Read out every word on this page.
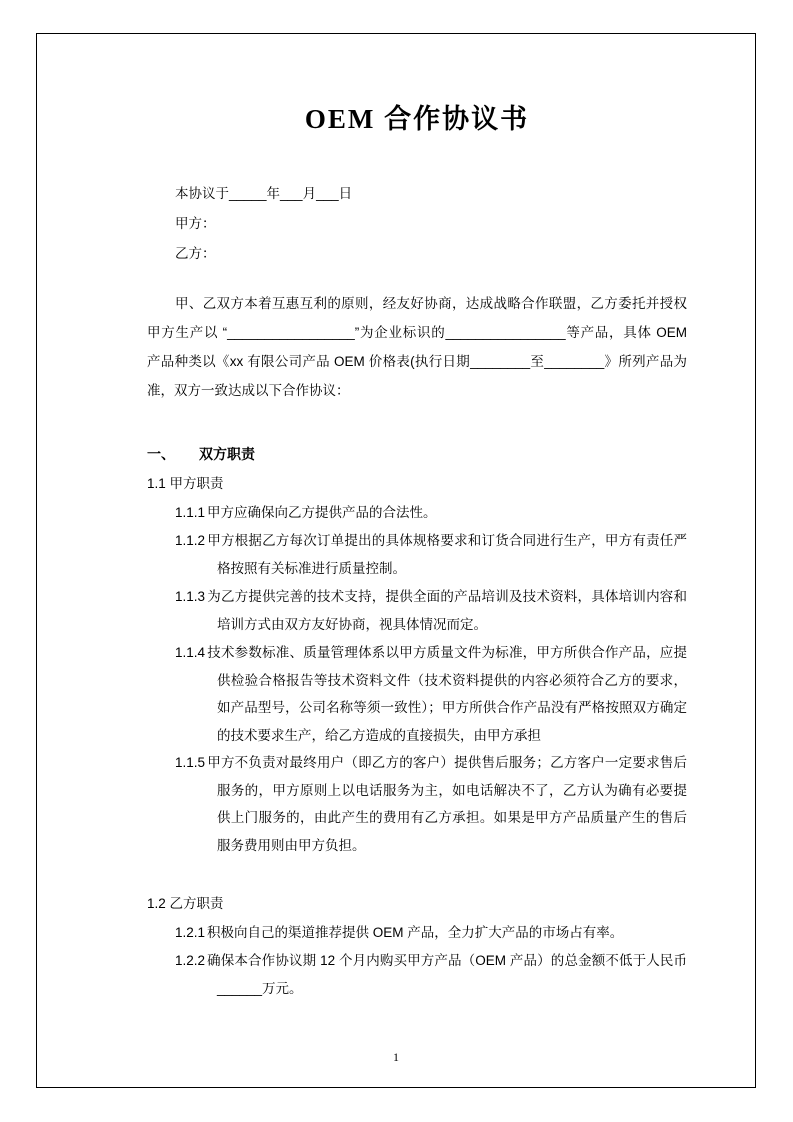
OEM 合作协议书
本协议于_____年___月___日
甲方：
乙方：
甲、乙双方本着互惠互利的原则，经友好协商，达成战略合作联盟，乙方委托并授权甲方生产以 “_________________”为企业标识的________________等产品，具体 OEM 产品种类以《xx 有限公司产品 OEM 价格表(执行日期________至________》所列产品为准，双方一致达成以下合作协议：
一、	双方职责
1.1 甲方职责
1.1.1 甲方应确保向乙方提供产品的合法性。
1.1.2 甲方根据乙方每次订单提出的具体规格要求和订货合同进行生产，甲方有责任严格按照有关标准进行质量控制。
1.1.3 为乙方提供完善的技术支持，提供全面的产品培训及技术资料，具体培训内容和培训方式由双方友好协商，视具体情况而定。
1.1.4 技术参数标准、质量管理体系以甲方质量文件为标准，甲方所供合作产品，应提供检验合格报告等技术资料文件（技术资料提供的内容必须符合乙方的要求，如产品型号，公司名称等须一致性）；甲方所供合作产品没有严格按照双方确定的技术要求生产，给乙方造成的直接损失，由甲方承担
1.1.5 甲方不负责对最终用户（即乙方的客户）提供售后服务；乙方客户一定要求售后服务的，甲方原则上以电话服务为主，如电话解决不了，乙方认为确有必要提供上门服务的，由此产生的费用有乙方承担。如果是甲方产品质量产生的售后服务费用则由甲方负担。
1.2 乙方职责
1.2.1 积极向自己的渠道推荐提供 OEM 产品，全力扩大产品的市场占有率。
1.2.2 确保本合作协议期 12 个月内购买甲方产品（OEM 产品）的总金额不低于人民币______万元。
1
